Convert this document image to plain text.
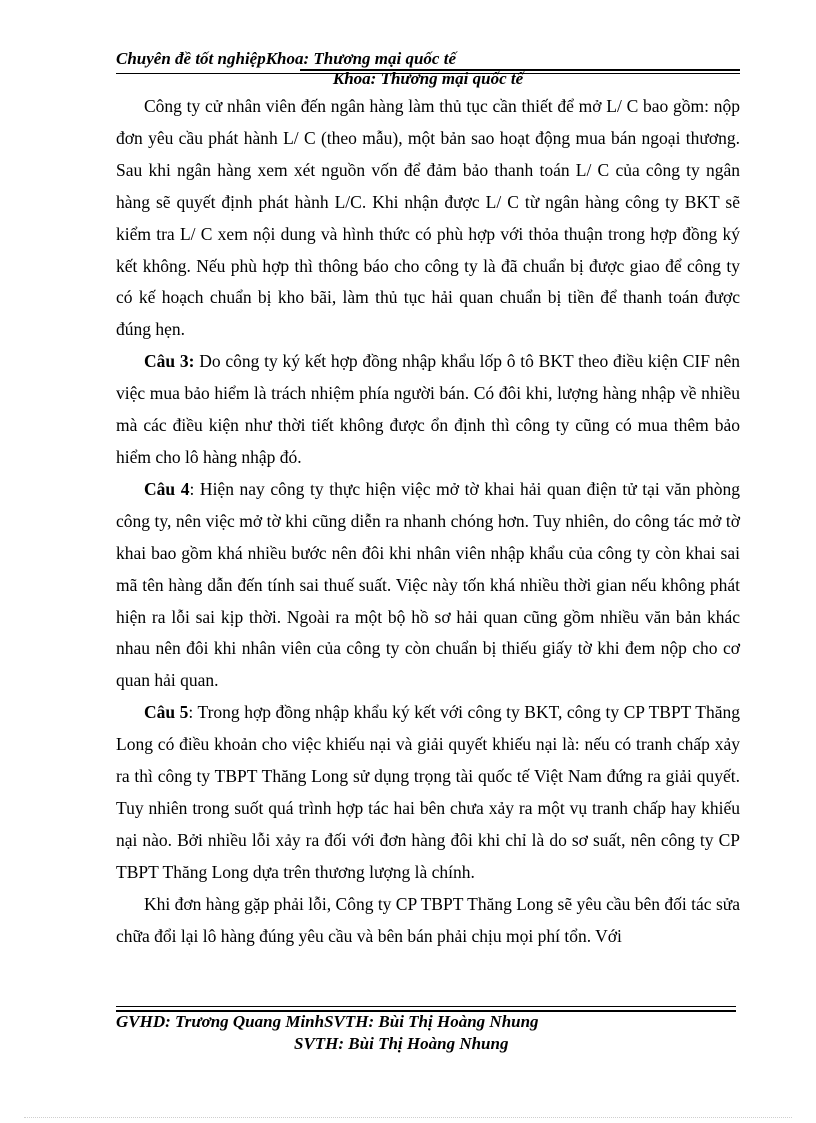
Chuyên đề tốt nghiệpKhoa: Thương mại quốc tế
Khoa: Thương mại quốc tế

Công ty cử nhân viên đến ngân hàng làm thủ tục cần thiết để mở L/ C bao gồm: nộp đơn yêu cầu phát hành L/ C (theo mẫu), một bản sao hoạt động mua bán ngoại thương. Sau khi ngân hàng xem xét nguồn vốn để đảm bảo thanh toán L/ C của công ty ngân hàng sẽ quyết định phát hành L/C. Khi nhận được L/ C từ ngân hàng công ty BKT sẽ kiểm tra L/ C xem nội dung và hình thức có phù hợp với thỏa thuận trong hợp đồng ký kết không. Nếu phù hợp thì thông báo cho công ty là đã chuẩn bị được giao để công ty có kế hoạch chuẩn bị kho bãi, làm thủ tục hải quan chuẩn bị tiền để thanh toán được đúng hẹn.

Câu 3: Do công ty ký kết hợp đồng nhập khẩu lốp ô tô BKT theo điều kiện CIF nên việc mua bảo hiểm là trách nhiệm phía người bán. Có đôi khi, lượng hàng nhập về nhiều mà các điều kiện như thời tiết không được ổn định thì công ty cũng có mua thêm bảo hiểm cho lô hàng nhập đó.

Câu 4: Hiện nay công ty thực hiện việc mở tờ khai hải quan điện tử tại văn phòng công ty, nên việc mở tờ khi cũng diễn ra nhanh chóng hơn. Tuy nhiên, do công tác mở tờ khai bao gồm khá nhiều bước nên đôi khi nhân viên nhập khẩu của công ty còn khai sai mã tên hàng dẫn đến tính sai thuế suất. Việc này tốn khá nhiều thời gian nếu không phát hiện ra lỗi sai kịp thời. Ngoài ra một bộ hồ sơ hải quan cũng gồm nhiều văn bản khác nhau nên đôi khi nhân viên của công ty còn chuẩn bị thiếu giấy tờ khi đem nộp cho cơ quan hải quan.

Câu 5: Trong hợp đồng nhập khẩu ký kết với công ty BKT, công ty CP TBPT Thăng Long có điều khoản cho việc khiếu nại và giải quyết khiếu nại là: nếu có tranh chấp xảy ra thì công ty TBPT Thăng Long sử dụng trọng tài quốc tế Việt Nam đứng ra giải quyết. Tuy nhiên trong suốt quá trình hợp tác hai bên chưa xảy ra một vụ tranh chấp hay khiếu nại nào. Bởi nhiều lỗi xảy ra đối với đơn hàng đôi khi chỉ là do sơ suất, nên công ty CP TBPT Thăng Long dựa trên thương lượng là chính.

Khi đơn hàng gặp phải lỗi, Công ty CP TBPT Thăng Long sẽ yêu cầu bên đối tác sửa chữa đổi lại lô hàng đúng yêu cầu và bên bán phải chịu mọi phí tổn. Với

GVHD: Trương Quang MinhSVTH: Bùi Thị Hoàng Nhung
SVTH: Bùi Thị Hoàng Nhung
